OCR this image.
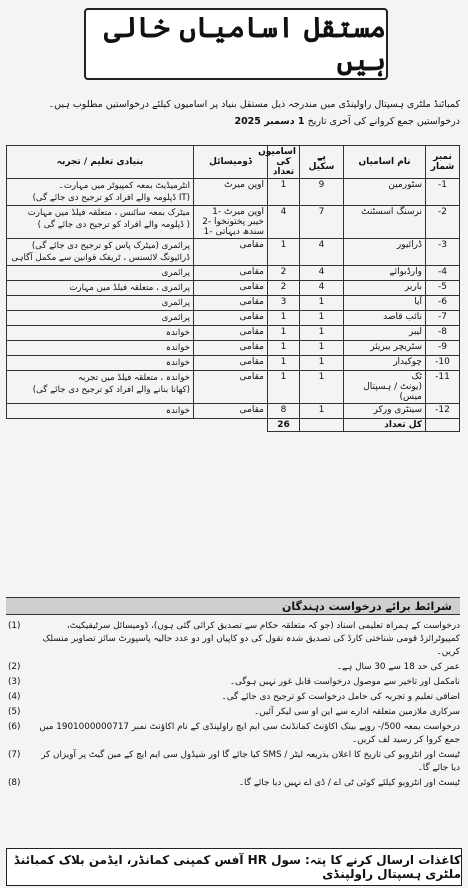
مستقل اسامیاں خالی ہیں
کمبائنڈ ملٹری ہسپتال راولپنڈی میں مندرجہ ذیل مستقل بنیاد پر اسامیوں کیلئے درخواستیں مطلوب ہیں۔ درخواستیں جمع کروانے کی آخری تاریخ 1 دسمبر 2025
نمبر شمار	نام اسامیاں	پے سکیل	اسامیوں کی تعداد	ڈومیسائل	بنیادی تعلیم / تجربہ
1-	سٹورمین	9	1	اوپن میرٹ	انٹرمیڈیٹ بمعہ کمپیوٹر میں مہارت۔
(IT ڈپلومہ والے افراد کو ترجیح دی جائے گی)

2-	نرسنگ اسسٹنٹ	7	4	اوپن میرٹ -1
خیبر پختونخوا -2
سندھ دیہاتی -1	میٹرک بمعہ سائنس ، متعلقہ فیلڈ میں مہارت
( ڈپلومہ والے افراد کو ترجیح دی جائے گی )

3-	ڈرائیور	4	1	مقامی	پرائمری (میٹرک پاس کو ترجیح دی جائے گی)
ڈرائیونگ لائسنس ، ٹریفک قوانین سے مکمل آگاہی

4-	وارڈبوائے	4	2	مقامی	پرائمری

5-	باربر	4	2	مقامی	پرائمری ، متعلقہ فیلڈ میں مہارت

6-	آیا	1	3	مقامی	پرائمری

7-	نائب قاصد	1	1	مقامی	پرائمری

8-	لیبر	1	1	مقامی	خواندہ

9-	سٹریچر بیریئر	1	1	مقامی	خواندہ

10-	چوکیدار	1	1	مقامی	خواندہ

11-	ٹک
(یونٹ / ہسپتال میس)	1	1	مقامی	خواندہ ، متعلقہ فیلڈ میں تجربہ
(کھانا بنانے والے افراد کو ترجیح دی جائے گی)

12-	سینٹری ورکر	1	8	مقامی	خواندہ

	کل تعداد		26		
شرائط برائے درخواست دہندگان
درخواست کے ہمراہ تعلیمی اسناد (جو کہ متعلقہ حکام سے تصدیق کرائی گئی ہوں)، ڈومیسائل سرٹیفیکیٹ، کمپیوٹرائزڈ قومی شناختی کارڈ کی تصدیق شدہ نقول کی دو کاپیاں اور دو عدد حالیہ پاسپورٹ سائز تصاویر منسلک کریں۔
(1)
عمر کی حد 18 سے 30 سال ہے۔
(2)
نامکمل اور تاخیر سے موصول درخواست قابل غور نہیں ہوگی۔
(3)
اضافی تعلیم و تجربہ کی حامل درخواست کو ترجیح دی جائے گی۔
(4)
سرکاری ملازمین متعلقہ ادارے سے این او سی لیکر آئیں۔
(5)
درخواست بمعہ 500/- روپے بینک اکاؤنٹ کمانڈنٹ سی ایم ایچ راولپنڈی کے نام اکاؤنٹ نمبر 1901000000717 میں جمع کروا کر رسید لف کریں۔
(6)
ٹیسٹ اور انٹرویو کی تاریخ کا اعلان بذریعہ لیٹر / SMS کیا جائے گا اور شیڈول سی ایم ایچ کے مین گیٹ پر آویزاں کر دیا جائے گا۔
(7)
ٹیسٹ اور انٹرویو کیلئے کوئی ٹی اے / ڈی اے نہیں دیا جائے گا۔
(8)
کاغذات ارسال کرنے کا پتہ: سول HR آفس کمپنی کمانڈر، ایڈمن بلاک کمبائنڈ ملٹری ہسپتال راولپنڈی
